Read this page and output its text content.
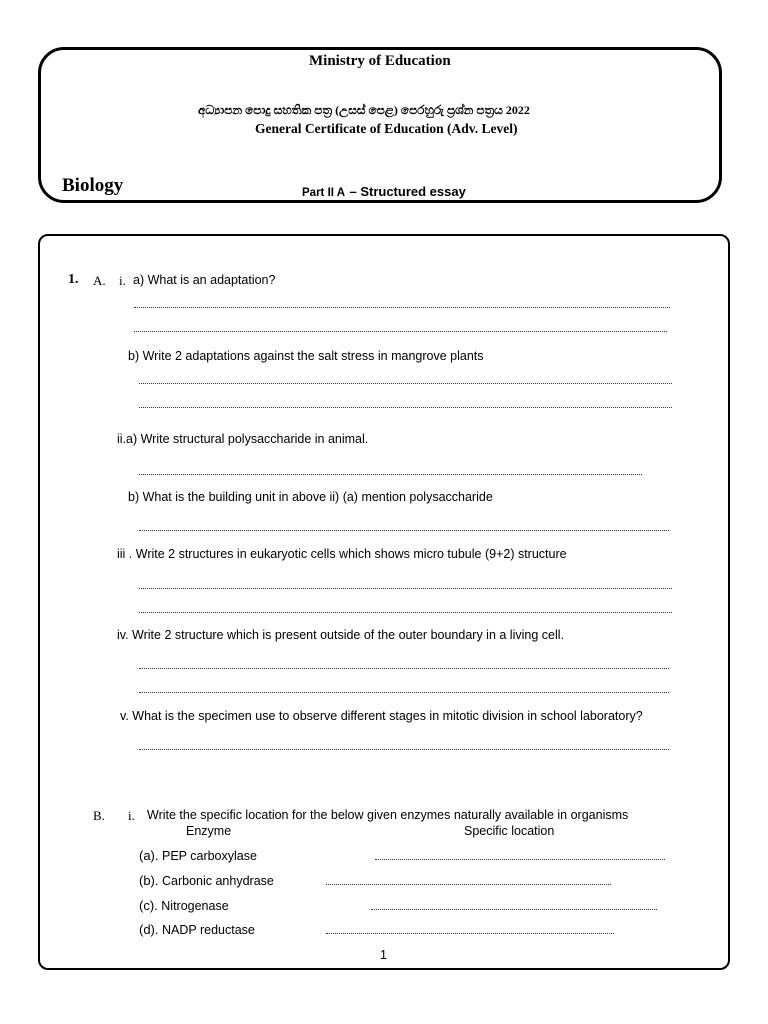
Ministry of Education
අධ්‍යාපන පොදු සහතික පත්‍ර (උසස් පෙළ) පෙරහුරු ප්‍රශ්න පත්‍රය 2022
General Certificate of Education (Adv. Level)
Biology	Part II A – Structured essay
1. A. i. a) What is an adaptation?
b) Write 2 adaptations against the salt stress in mangrove plants
ii.a) Write structural polysaccharide in animal.
b) What is the building unit in above ii) (a) mention polysaccharide
iii . Write 2 structures in eukaryotic cells which shows micro tubule (9+2) structure
iv. Write 2 structure which is present outside of the outer boundary in a living cell.
v. What is the specimen use to observe different stages in mitotic division in school laboratory?
B. i. Write the specific location for the below given enzymes naturally available in organisms
Enzyme	Specific location
(a). PEP carboxylase
(b). Carbonic anhydrase
(c). Nitrogenase
(d). NADP reductase
1
